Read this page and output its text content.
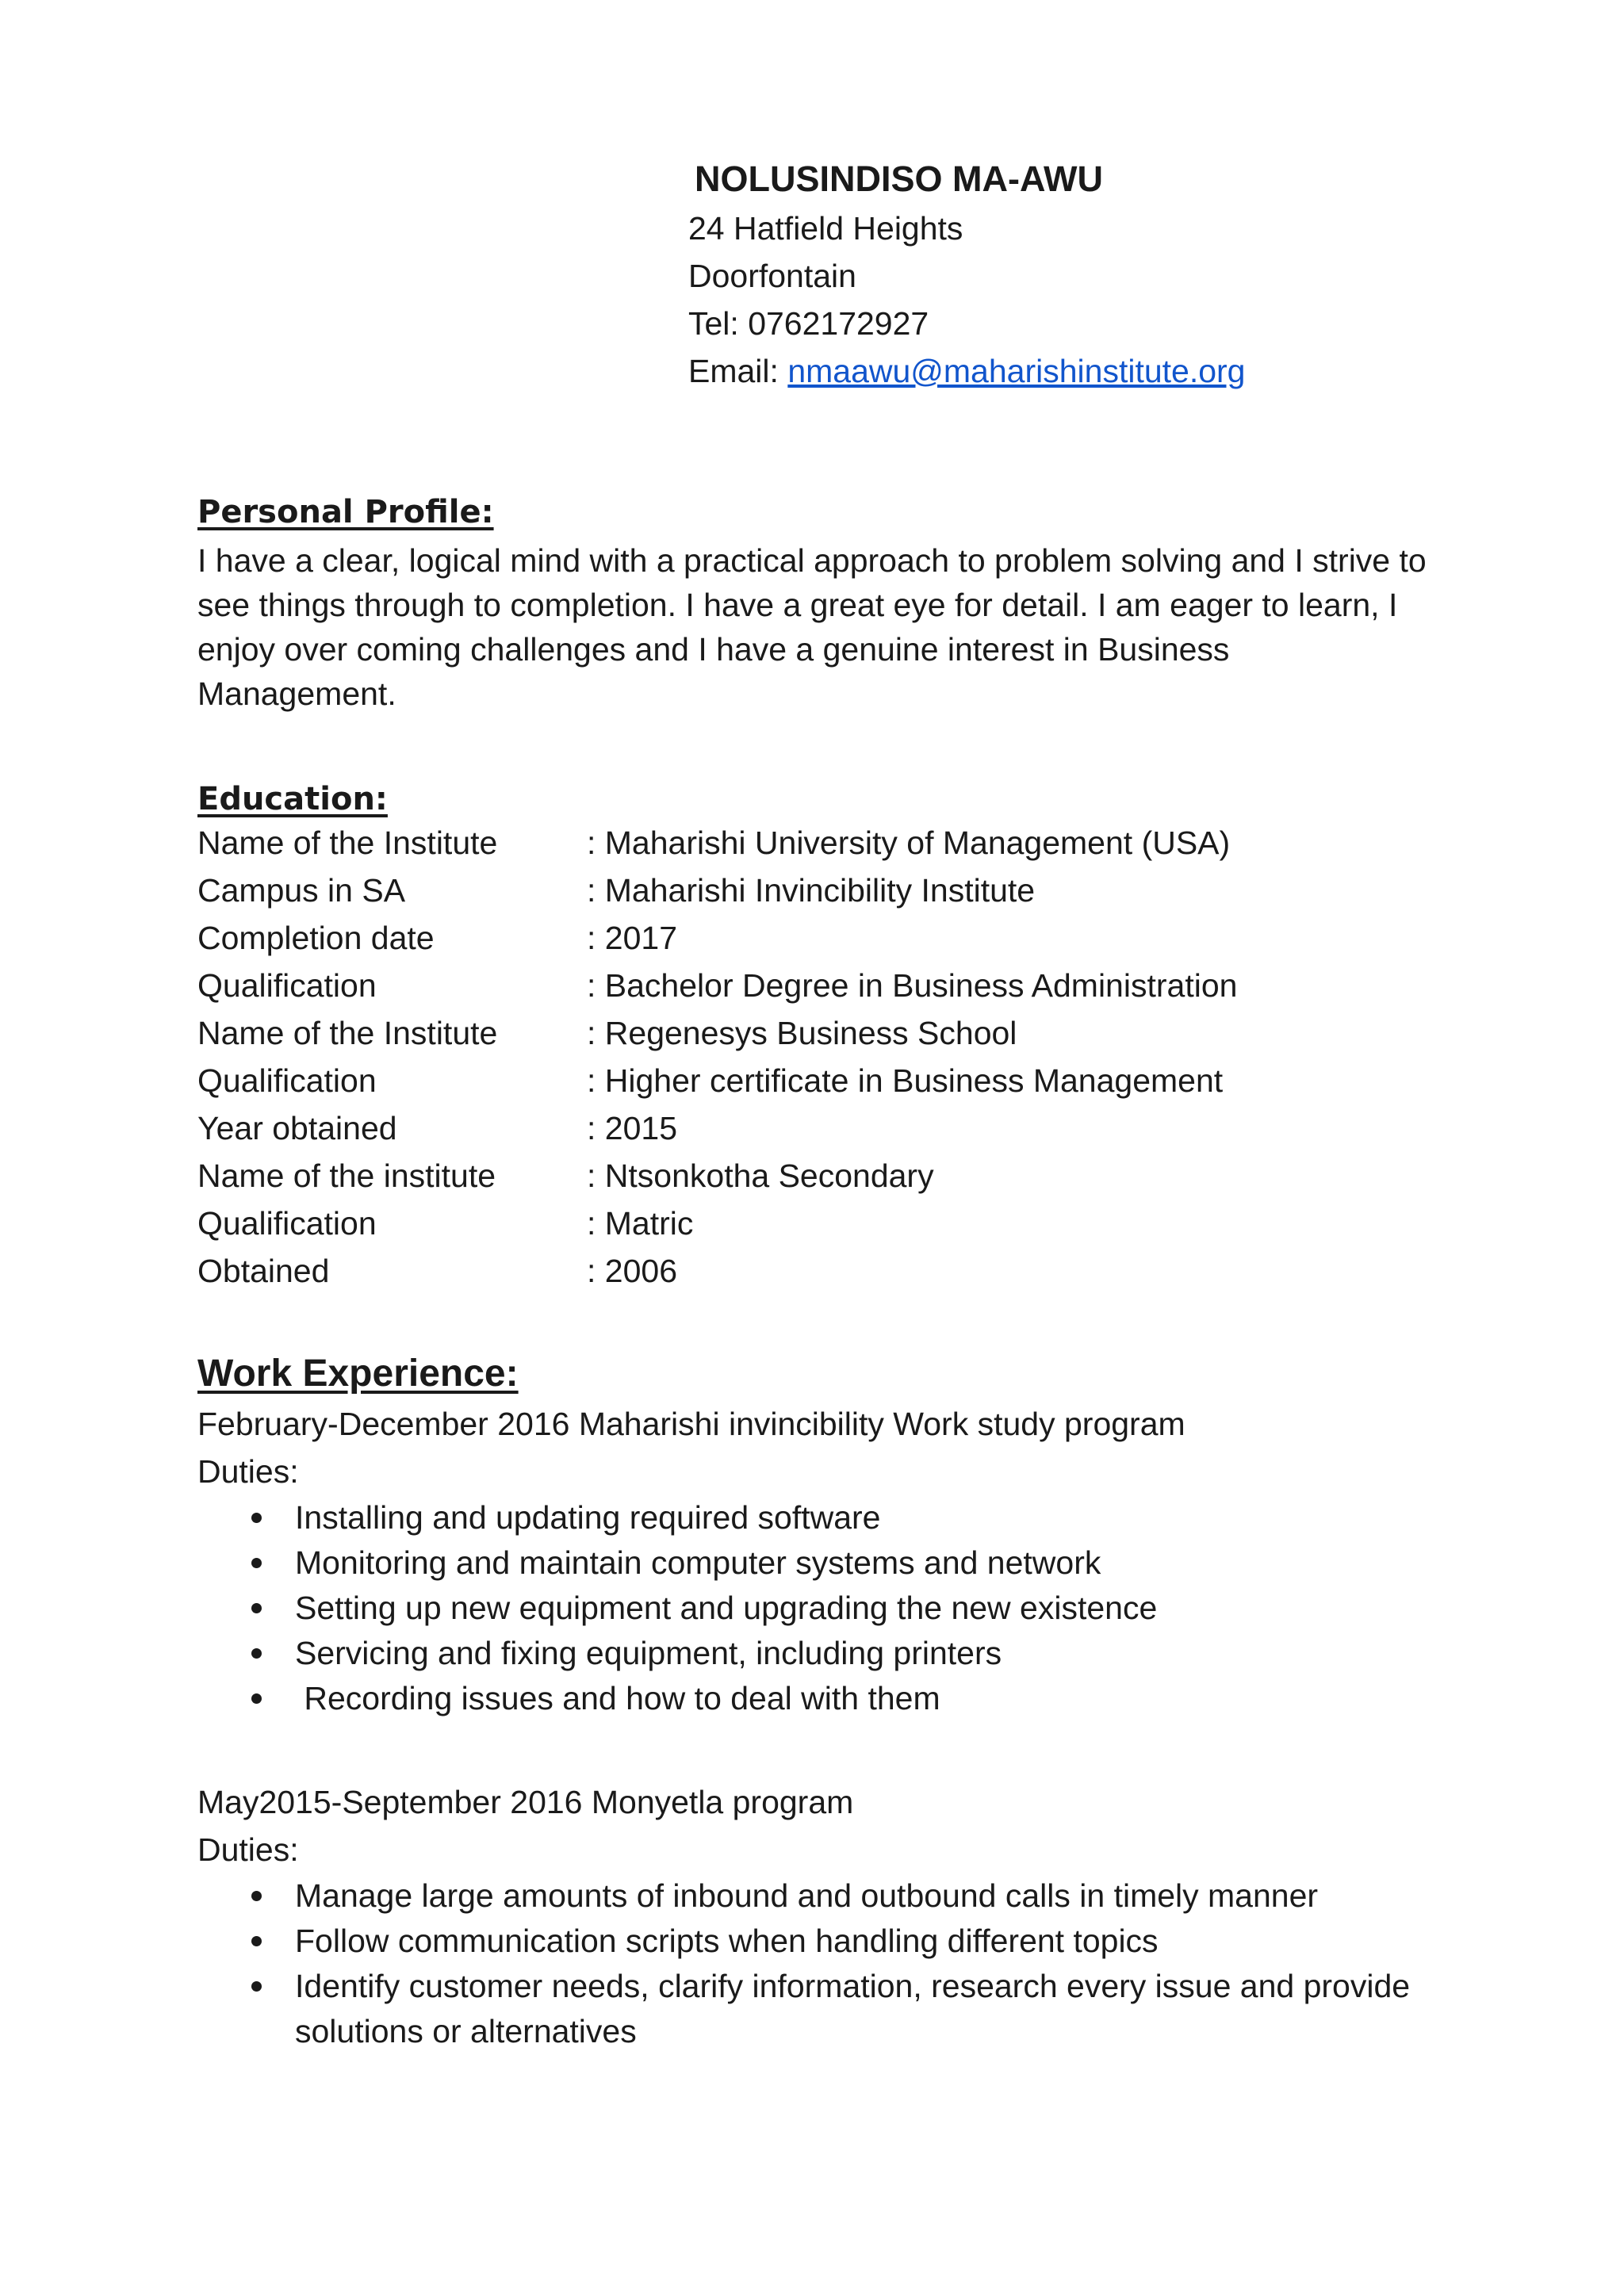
NOLUSINDISO MA-AWU
24 Hatfield Heights
Doorfontain
Tel: 0762172927
Email: nmaawu@maharishinstitute.org
Personal Profile:

I have a clear, logical mind with a practical approach to problem solving and I strive to see things through to completion. I have a great eye for detail. I am eager to learn, I enjoy over coming challenges and I have a genuine interest in Business Management.

Education:
Name of the Institute	: Maharishi University of Management (USA)
Campus in SA	: Maharishi Invincibility Institute
Completion date	: 2017
Qualification	: Bachelor Degree in Business Administration
Name of the Institute	: Regenesys Business School
Qualification	: Higher certificate in Business Management
Year obtained	: 2015
Name of the institute	: Ntsonkotha Secondary
Qualification	: Matric
Obtained	: 2006
Work Experience:

February-December 2016 Maharishi invincibility Work study program

Duties:

Installing and updating required software
Monitoring and maintain computer systems and network
Setting up new equipment and upgrading the new existence
Servicing and fixing equipment, including printers
Recording issues and how to deal with them

May2015-September 2016 Monyetla program

Duties:

Manage large amounts of inbound and outbound calls in timely manner
Follow communication scripts when handling different topics
Identify customer needs, clarify information, research every issue and provide solutions or alternatives
